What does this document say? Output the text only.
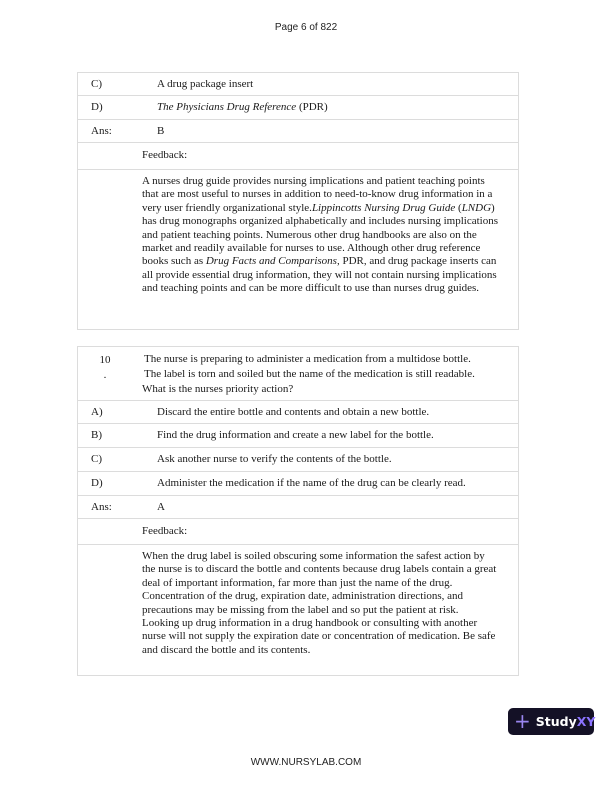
Page 6 of 822
C)	A drug package insert
D)	The Physicians Drug Reference (PDR)
Ans:	B
Feedback:
A nurses drug guide provides nursing implications and patient teaching points that are most useful to nurses in addition to need-to-know drug information in a very user friendly organizational style.Lippincotts Nursing Drug Guide (LNDG) has drug monographs organized alphabetically and includes nursing implications and patient teaching points. Numerous other drug handbooks are also on the market and readily available for nurses to use. Although other drug reference books such as Drug Facts and Comparisons, PDR, and drug package inserts can all provide essential drug information, they will not contain nursing implications and teaching points and can be more difficult to use than nurses drug guides.
10
.
The nurse is preparing to administer a medication from a multidose bottle.
The label is torn and soiled but the name of the medication is still readable.
What is the nurses priority action?
A)	Discard the entire bottle and contents and obtain a new bottle.
B)	Find the drug information and create a new label for the bottle.
C)	Ask another nurse to verify the contents of the bottle.
D)	Administer the medication if the name of the drug can be clearly read.
Ans:	A
Feedback:
When the drug label is soiled obscuring some information the safest action by the nurse is to discard the bottle and contents because drug labels contain a great deal of important information, far more than just the name of the drug. Concentration of the drug, expiration date, administration directions, and precautions may be missing from the label and so put the patient at risk. Looking up drug information in a drug handbook or consulting with another nurse will not supply the expiration date or concentration of medication. Be safe and discard the bottle and its contents.
+ Study XY
WWW.NURSYLAB.COM
